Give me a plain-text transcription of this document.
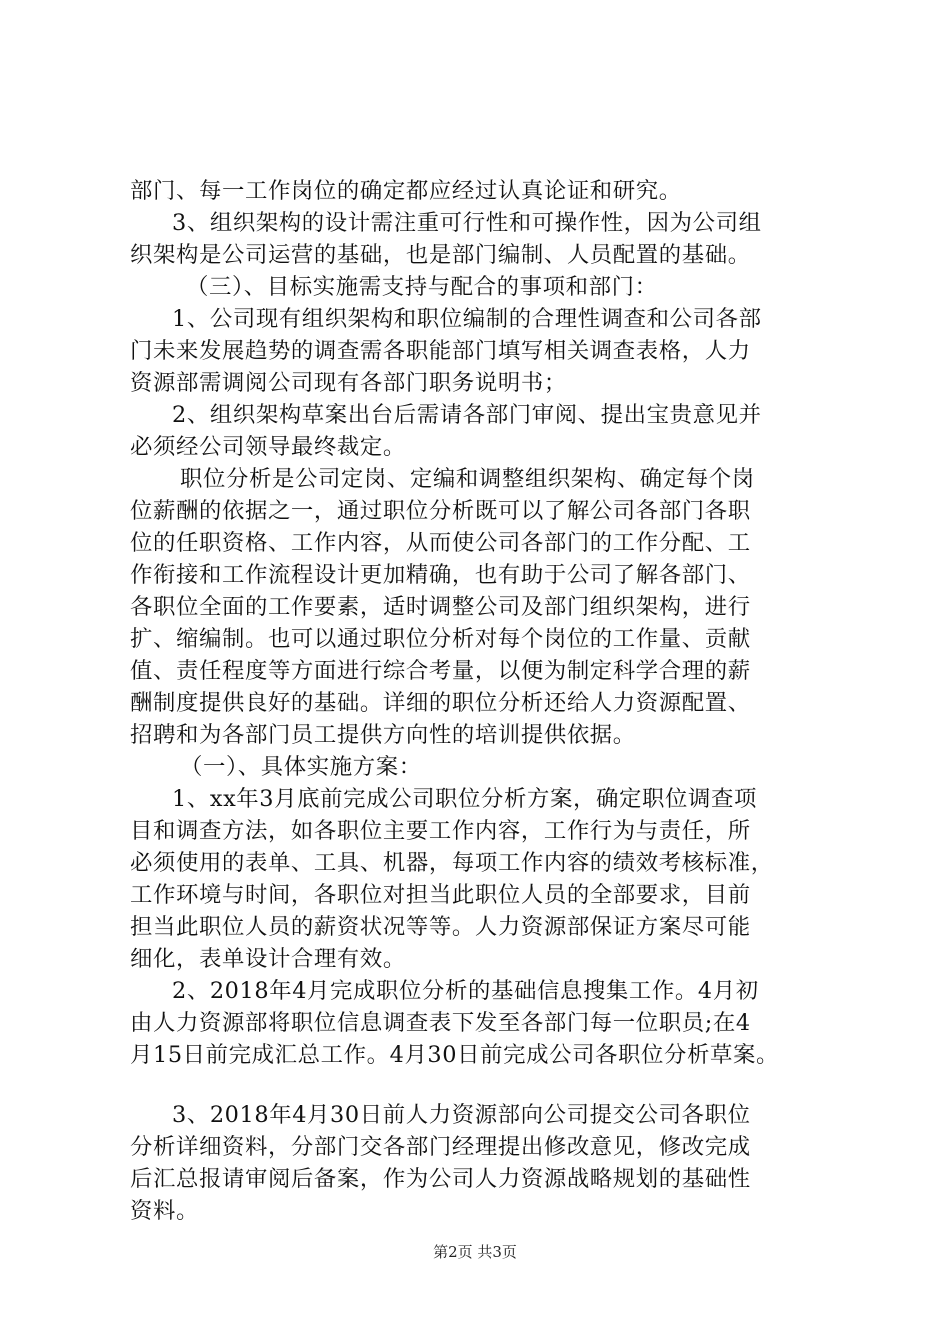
部门、每一工作岗位的确定都应经过认真论证和研究。
3、组织架构的设计需注重可行性和可操作性，因为公司组
织架构是公司运营的基础，也是部门编制、人员配置的基础。
（三）、目标实施需支持与配合的事项和部门：
1、公司现有组织架构和职位编制的合理性调查和公司各部
门未来发展趋势的调查需各职能部门填写相关调查表格，人力
资源部需调阅公司现有各部门职务说明书；
2、组织架构草案出台后需请各部门审阅、提出宝贵意见并
必须经公司领导最终裁定。
职位分析是公司定岗、定编和调整组织架构、确定每个岗
位薪酬的依据之一，通过职位分析既可以了解公司各部门各职
位的任职资格、工作内容，从而使公司各部门的工作分配、工
作衔接和工作流程设计更加精确，也有助于公司了解各部门、
各职位全面的工作要素，适时调整公司及部门组织架构，进行
扩、缩编制。也可以通过职位分析对每个岗位的工作量、贡献
值、责任程度等方面进行综合考量，以便为制定科学合理的薪
酬制度提供良好的基础。详细的职位分析还给人力资源配置、
招聘和为各部门员工提供方向性的培训提供依据。
（一）、具体实施方案：
1、xx年3月底前完成公司职位分析方案，确定职位调查项
目和调查方法，如各职位主要工作内容，工作行为与责任，所
必须使用的表单、工具、机器，每项工作内容的绩效考核标准，
工作环境与时间，各职位对担当此职位人员的全部要求，目前
担当此职位人员的薪资状况等等。人力资源部保证方案尽可能
细化，表单设计合理有效。
2、2018年4月完成职位分析的基础信息搜集工作。4月初
由人力资源部将职位信息调查表下发至各部门每一位职员;在4
月15日前完成汇总工作。4月30日前完成公司各职位分析草案。
3、2018年4月30日前人力资源部向公司提交公司各职位
分析详细资料，分部门交各部门经理提出修改意见，修改完成
后汇总报请审阅后备案，作为公司人力资源战略规划的基础性
资料。
第2页 共3页
